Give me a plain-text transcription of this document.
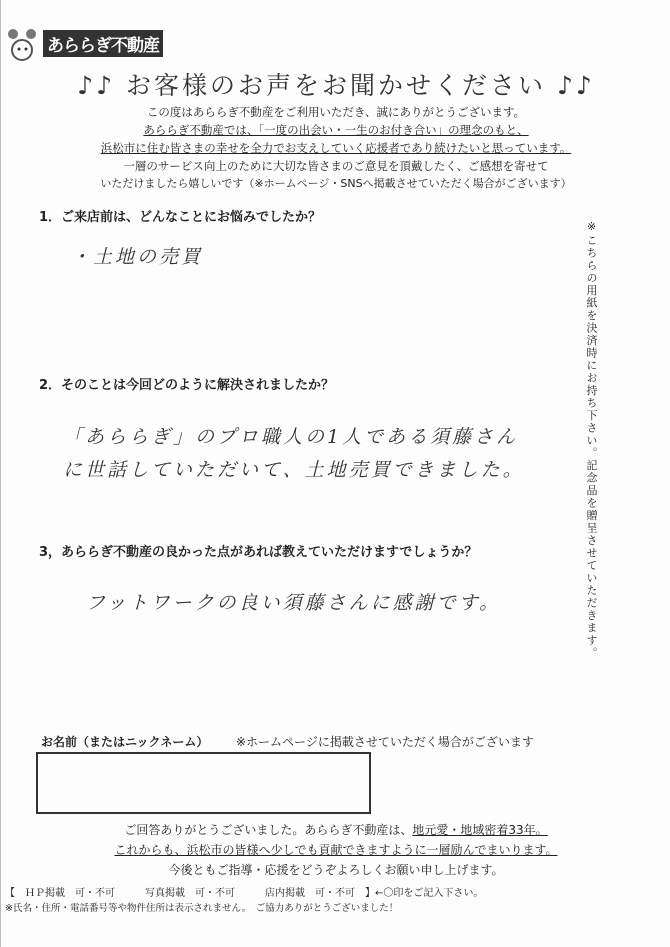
あららぎ不動産
♪♪ お客様のお声をお聞かせください ♪♪
この度はあららぎ不動産をご利用いただき、誠にありがとうございます。
あららぎ不動産では、「一度の出会い・一生のお付き合い」の理念のもと、
浜松市に住む皆さまの幸せを全力でお支えしていく応援者であり続けたいと思っています。
一層のサービス向上のために大切な皆さまのご意見を頂戴したく、ご感想を寄せて
いただけましたら嬉しいです（※ホームページ・SNSへ掲載させていただく場合がございます）
1．ご来店前は、どんなことにお悩みでしたか？
・土地の売買
2．そのことは今回どのように解決されましたか？
「あららぎ」のプロ職人の1人である須藤さん
に世話していただいて、土地売買できました。
3，あららぎ不動産の良かった点があれば教えていただけますでしょうか？
フットワークの良い須藤さんに感謝です。	※こちらの用紙を決済時にお持ち下さい。記念品を贈呈させていただきます。
お名前（またはニックネーム） ※ホームページに掲載させていただく場合がございます
ご回答ありがとうございました。あららぎ不動産は、地元愛・地域密着33年。
これからも、浜松市の皆様へ少しでも貢献できますように一層励んでまいります。
今後ともご指導・応援をどうぞよろしくお願い申し上げます。
【　ＨＰ掲載　可・不可　　　写真掲載　可・不可　　　店内掲載　可・不可　】←〇印をご記入下さい。
※氏名・住所・電話番号等や物件住所は表示されません。　ご協力ありがとうございました！
